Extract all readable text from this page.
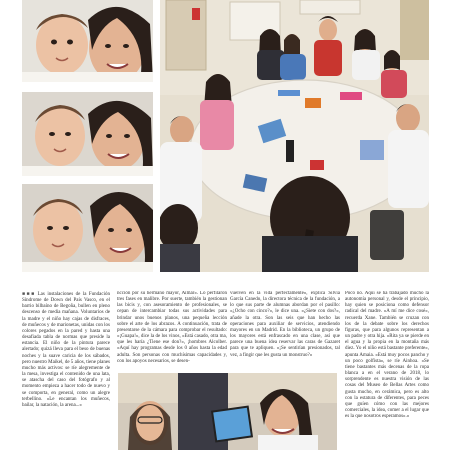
■■■ Las instalaciones de la Fundación Síndrome de Down del País Vasco, en el barrio bilbaíno de Begoña, bullen en pleno descenso de media mañana. Voluntarios de la madre y el niño hay cajas de disfraces, de muñecos y de marionetas, unidas con los colores pegados en la pared y hasta una desafiada tabla de normas que preside la estancia. El niño de la pintura parece alertado; quizá lleva para el beso de buenas noches y la suave caricia de los sábados, pero nuestro Maikel, de 5 años, tiene planes mucho más activos: se ríe alegremente de la mesa, investiga el contenido de una lata, se atascha del caso del fotógrafo y al momento empieza a hacer todo de nuevo y se comporta, en general, como un alegre terbellino. «Le encantan los muñecos, bailar, la natación, la arena...»

ncción por su hermano mayor, Aimar». Lo perfilaron tres fases en malibre. Por suerte, también la gestionan las bicis y, con asesoramiento de profesionales, se cepan de intercambiar todas sus actividades para brindar unos buenos planos, una pequeña lección sobre el arte de los abrazos. A continuación, trata de presentarse de la cámara para comprobar el resultado: «¡Guapa!», dice la de los vinos, «Está casado, otra ma, que les haría ¿Tiene ese don?», ¡hombres Alcolber. «Aquí hay programas desde los 0 años hasta la edad adulta. Son personas con muchísimas capacidades y, con los apoyos necesarios, se desen-

vuelven en la vida perfectamente», explica Silvia García Canedo, la directora técnica de la fundación, a lo que sus parte de alumnas abordan por el pasillo: «¿Ocho con cinco?», le dice una. «¿Siete con dos?», añade la otra. Son las seis que han hecho las operaciones para auxiliar de servicios, atendiendo mayores en un Madrid. En la biblioteca, un grupo de los mayores está enfrascado en una clase, así que parece una buena idea reservar las caras de Gazaret para que te apliquen. «¡Se sentirían presionados, tal vez, a fingir que les gusta un monstruo?»

Poco no. Aquí se ha trabajado mucho la autonomía personal y, desde el principio, hay quien se posiciona como defensor radical del madre. «A mí me dice cosé», recuerda Xane. También se cruzan con los de la debate sobre los derechos figuras, que para algunos representan a un padre y otra hija. «Rita ya se pierde en el agua y la propia en la montaña más diez. Yo el niño está bastante preferente», apunta Amaia. «Está muy pocos pancho y un poco golfista», se ríe Ainhoa. «Se tiene bastantes más decenas de la ropa blanca a en el verano de 2018, lo sorprendente es nuestra visión de las cosas del Museo de Bellas Artes como gusta mucho, en cerámica, pero es alto con la estatura de diferentes, para peces que guíen cómo con las mejores comerciales, la idea, comer a el lugar que es la que nosotros esperamos».»
